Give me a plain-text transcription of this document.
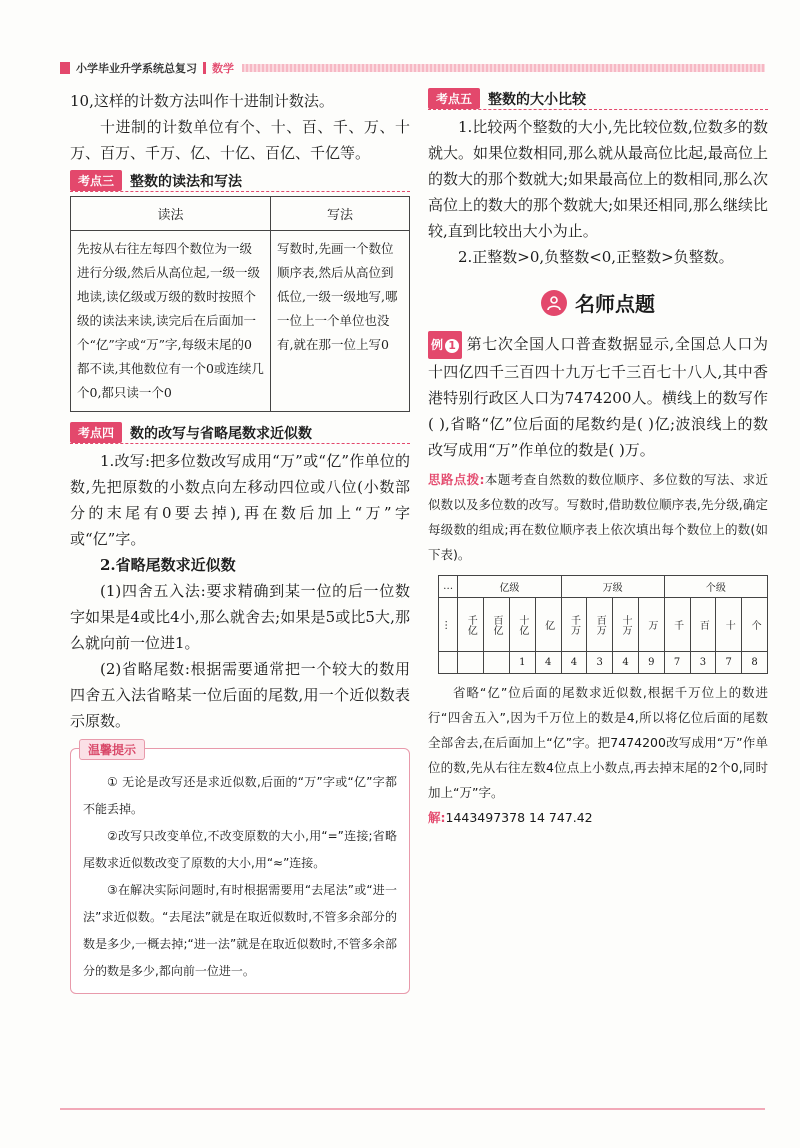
小学毕业升学系统总复习 数学

10,这样的计数方法叫作十进制计数法。

十进制的计数单位有个、十、百、千、万、十万、百万、千万、亿、十亿、百亿、千亿等。

考点三	整数的读法和写法
读法	写法
先按从右往左每四个数位为一级进行分级,然后从高位起,一级一级地读,读亿级或万级的数时按照个级的读法来读,读完后在后面加一个“亿”字或“万”字,每级末尾的0都不读,其他数位有一个0或连续几个0,都只读一个0	写数时,先画一个数位顺序表,然后从高位到低位,一级一级地写,哪一位上一个单位也没有,就在那一位上写0
考点四	数的改写与省略尾数求近似数

1.改写:把多位数改写成用“万”或“亿”作单位的数,先把原数的小数点向左移动四位或八位(小数部分的末尾有0要去掉),再在数后加上“万”字或“亿”字。

2.省略尾数求近似数

(1)四舍五入法:要求精确到某一位的后一位数字如果是4或比4小,那么就舍去;如果是5或比5大,那么就向前一位进1。

(2)省略尾数:根据需要通常把一个较大的数用四舍五入法省略某一位后面的尾数,用一个近似数表示原数。

温馨提示

① 无论是改写还是求近似数,后面的“万”字或“亿”字都不能丢掉。

②改写只改变单位,不改变原数的大小,用“=”连接;省略尾数求近似数改变了原数的大小,用“≈”连接。

③在解决实际问题时,有时根据需要用“去尾法”或“进一法”求近似数。“去尾法”就是在取近似数时,不管多余部分的数是多少,一概去掉;“进一法”就是在取近似数时,不管多余部分的数是多少,都向前一位进一。

考点五	整数的大小比较

1.比较两个整数的大小,先比较位数,位数多的数就大。如果位数相同,那么就从最高位比起,最高位上的数大的那个数就大;如果最高位上的数相同,那么次高位上的数大的那个数就大;如果还相同,那么继续比较,直到比较出大小为止。

2.正整数>0,负整数<0,正整数>负整数。

名师点题

例 1 第七次全国人口普查数据显示,全国总人口为十四亿四千三百四十九万七千三百七十八人,其中香港特别行政区人口为7474200人。横线上的数写作( ),省略“亿”位后面的尾数约是( )亿;波浪线上的数改写成用“万”作单位的数是( )万。

思路点拨:本题考查自然数的数位顺序、多位数的写法、求近似数以及多位数的改写。写数时,借助数位顺序表,先分级,确定每级数的组成;再在数位顺序表上依次填出每个数位上的数(如下表)。

…	亿级				万级				个级			
…	千亿	百亿	十亿	亿	千万	百万	十万	万	千	百	十	个
			1	4	4	3	4	9	7	3	7	8

省略“亿”位后面的尾数求近似数,根据千万位上的数进行“四舍五入”,因为千万位上的数是4,所以将亿位后面的尾数全部舍去,在后面加上“亿”字。把7474200改写成用“万”作单位的数,先从右往左数4位点上小数点,再去掉末尾的2个0,同时加上“万”字。

解:1443497378 14 747.42
